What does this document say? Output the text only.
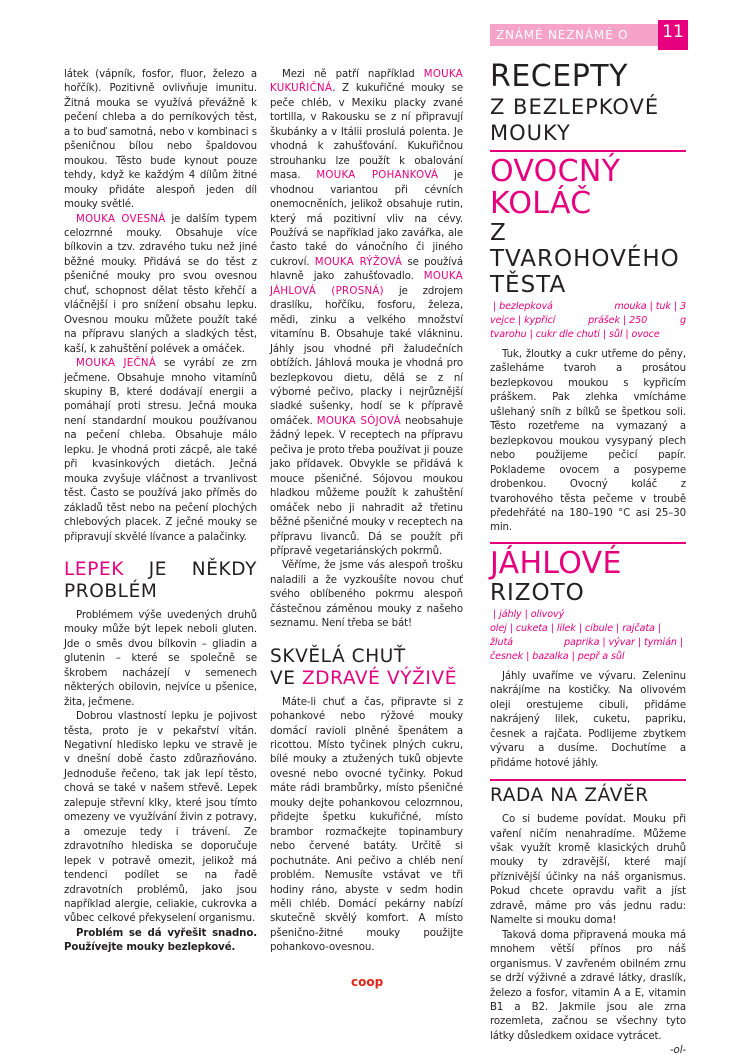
ZNÁMÉ NEZNÁMÉ O 11

látek (vápník, fosfor, fluor, železo a hořčík). Pozitivně ovlivňuje imunitu. Žitná mouka se využívá převážně k pečení chleba a do perníkových těst, a to buď samotná, nebo v kombinaci s pšeničnou bílou nebo špaldovou moukou. Těsto bude kynout pouze tehdy, když ke každým 4 dílům žitné mouky přidáte alespoň jeden díl mouky světlé.

MOUKA OVESNÁ je dalším typem celozrnné mouky. Obsahuje více bílkovin a tzv. zdravého tuku než jiné běžné mouky. Přidává se do těst z pšeničné mouky pro svou ovesnou chuť, schopnost dělat těsto křehčí a vláčnější i pro snížení obsahu lepku. Ovesnou mouku můžete použít také na přípravu slaných a sladkých těst, kaší, k zahuštění polévek a omáček.

MOUKA JEČNÁ se vyrábí ze zrn ječmene. Obsahuje mnoho vitamínů skupiny B, které dodávají energii a pomáhají proti stresu. Ječná mouka není standardní moukou používanou na pečení chleba. Obsahuje málo lepku. Je vhodná proti zácpě, ale také při kvasinkových dietách. Ječná mouka zvyšuje vláčnost a trvanlivost těst. Často se používá jako příměs do základů těst nebo na pečení plochých chlebových placek. Z ječné mouky se připravují skvělé lívance a palačinky.

LEPEK JE NĚKDY PROBLÉM

Problémem výše uvedených druhů mouky může být lepek neboli gluten. Jde o směs dvou bílkovin – gliadin a glutenin – které se společně se škrobem nacházejí v semenech některých obilovin, nejvíce u pšenice, žita, ječmene.

Dobrou vlastností lepku je pojivost těsta, proto je v pekařství vítán. Negativní hledisko lepku ve stravě je v dnešní době často zdůrazňováno. Jednoduše řečeno, tak jak lepí těsto, chová se také v našem střevě. Lepek zalepuje střevní klky, které jsou tímto omezeny ve využívání živin z potravy, a omezuje tedy i trávení. Ze zdravotního hlediska se doporučuje lepek v potravě omezit, jelikož má tendenci podílet se na řadě zdravotních problémů, jako jsou například alergie, celiakie, cukrovka a vůbec celkové překyselení organismu.

Problém se dá vyřešit snadno. Používejte mouky bezlepkové.

Mezi ně patří například MOUKA KUKUŘIČNÁ. Z kukuřičné mouky se peče chléb, v Mexiku placky zvané tortilla, v Rakousku se z ní připravují škubánky a v Itálii proslulá polenta. Je vhodná k zahušťování. Kukuřičnou strouhanku lze použít k obalování masa. MOUKA POHANKOVÁ je vhodnou variantou při cévních onemocněních, jelikož obsahuje rutin, který má pozitivní vliv na cévy. Používá se například jako zavářka, ale často také do vánočního či jiného cukroví. MOUKA RÝŽOVÁ se používá hlavně jako zahušťovadlo. MOUKA JÁHLOVÁ (PROSNÁ) je zdrojem draslíku, hořčíku, fosforu, železa, mědi, zinku a velkého množství vitamínu B. Obsahuje také vlákninu. Jáhly jsou vhodné při žaludečních obtížích. Jáhlová mouka je vhodná pro bezlepkovou dietu, dělá se z ní výborné pečivo, placky i nejrůznější sladké sušenky, hodí se k přípravě omáček. MOUKA SÓJOVÁ neobsahuje žádný lepek. V receptech na přípravu pečiva je proto třeba používat ji pouze jako přídavek. Obvykle se přidává k mouce pšeničné. Sójovou moukou hladkou můžeme použít k zahuštění omáček nebo ji nahradit až třetinu běžné pšeničné mouky v receptech na přípravu livanců. Dá se použít při přípravě vegetariánských pokrmů.

Věříme, že jsme vás alespoň trošku naladili a že vyzkoušíte novou chuť svého oblíbeného pokrmu alespoň částečnou záměnou mouky z našeho seznamu. Není třeba se bát!

SKVĚLÁ CHUŤ
VE ZDRAVÉ VÝŽIVĚ

Máte-li chuť a čas, připravte si z pohankové nebo rýžové mouky domácí ravioli plněné špenátem a ricottou. Místo tyčinek plných cukru, bílé mouky a ztužených tuků objevte ovesné nebo ovocné tyčinky. Pokud máte rádi brambůrky, místo pšeničné mouky dejte pohankovou celozrnnou, přidejte špetku kukuřičné, místo brambor rozmačkejte topinambury nebo červené batáty. Určitě si pochutnáte. Ani pečivo a chléb není problém. Nemusíte vstávat ve tři hodiny ráno, abyste v sedm hodin měli chléb. Domácí pekárny nabízí skutečně skvělý komfort. A místo pšenično-žitné mouky použijte pohankovo-ovesnou.

RECEPTY
Z BEZLEPKOVÉ
MOUKY
OVOCNÝ KOLÁČ
Z TVAROHOVÉHO
TĚSTA
| bezlepková mouka | tuk | 3 vejce | kypřicí prášek | 250 g tvarohu | cukr dle chuti | sůl | ovoce

Tuk, žloutky a cukr utřeme do pěny, zašleháme tvaroh a prosátou bezlepkovou moukou s kypřicím práškem. Pak zlehka vmícháme ušlehaný sníh z bílků se špetkou soli. Těsto rozetřeme na vymazaný a bezlepkovou moukou vysypaný plech nebo použijeme pečicí papír. Poklademe ovocem a posypeme drobenkou. Ovocný koláč z tvarohového těsta pečeme v troubě předehřáté na 180–190 °C asi 25–30 min.

JÁHLOVÉ
RIZOTO
| jáhly | olivový olej | cuketa | lilek | cibule | rajčata |žlutá paprika | vývar | tymián |česnek | bazalka | pepř a sůl

Jáhly uvaříme ve vývaru. Zeleninu nakrájíme na kostičky. Na olivovém oleji orestujeme cibuli, přidáme nakrájený lilek, cuketu, papriku, česnek a rajčata. Podlijeme zbytkem vývaru a dusíme. Dochutíme a přidáme hotové jáhly.

RADA NA ZÁVĚR

Co si budeme povídat. Mouku při vaření ničím nenahradíme. Můžeme však využít kromě klasických druhů mouky ty zdravější, které mají příznivější účinky na náš organismus. Pokud chcete opravdu vařit a jíst zdravě, máme pro vás jednu radu: Namelte si mouku doma!

Taková doma připravená mouka má mnohem větší přínos pro náš organismus. V zavřeném obilném zrnu se drží výživné a zdravé látky, draslík, železo a fosfor, vitamin A a E, vitamin B1 a B2. Jakmile jsou ale zrna rozemleta, začnou se všechny tyto látky důsledkem oxidace vytrácet.

-ol-
coop
